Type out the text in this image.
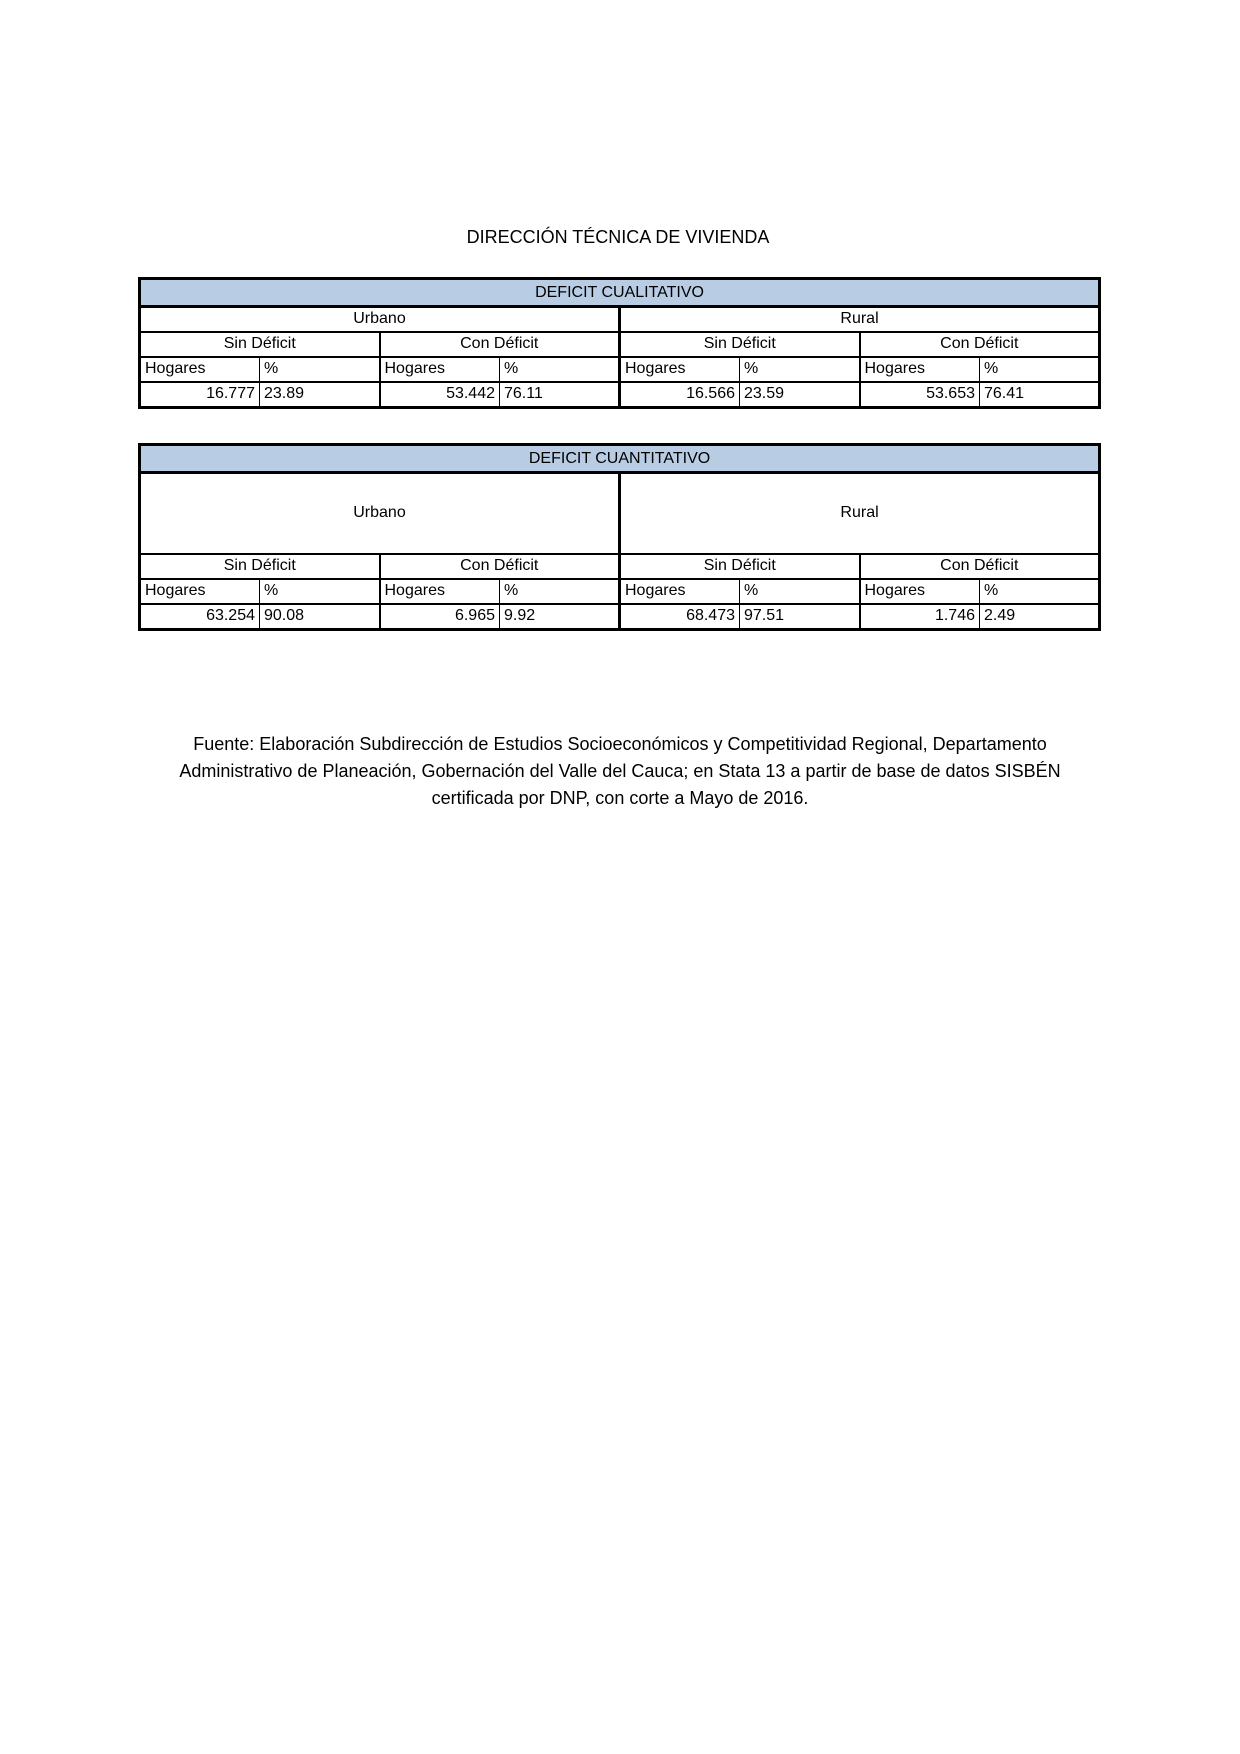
DIRECCIÓN TÉCNICA DE VIVIENDA
DEFICIT CUALITATIVO							
Urbano				Rural			
Sin Déficit		Con Déficit		Sin Déficit		Con Déficit	
Hogares	%	Hogares	%	Hogares	%	Hogares	%
16.777	23.89	53.442	76.11	16.566	23.59	53.653	76.41
DEFICIT CUANTITATIVO							
Urbano				Rural			
Sin Déficit		Con Déficit		Sin Déficit		Con Déficit	
Hogares	%	Hogares	%	Hogares	%	Hogares	%
63.254	90.08	6.965	9.92	68.473	97.51	1.746	2.49
Fuente: Elaboración Subdirección de Estudios Socioeconómicos y Competitividad Regional, Departamento
Administrativo de Planeación, Gobernación del Valle del Cauca; en Stata 13 a partir de base de datos SISBÉN
certificada por DNP, con corte a Mayo de 2016.
